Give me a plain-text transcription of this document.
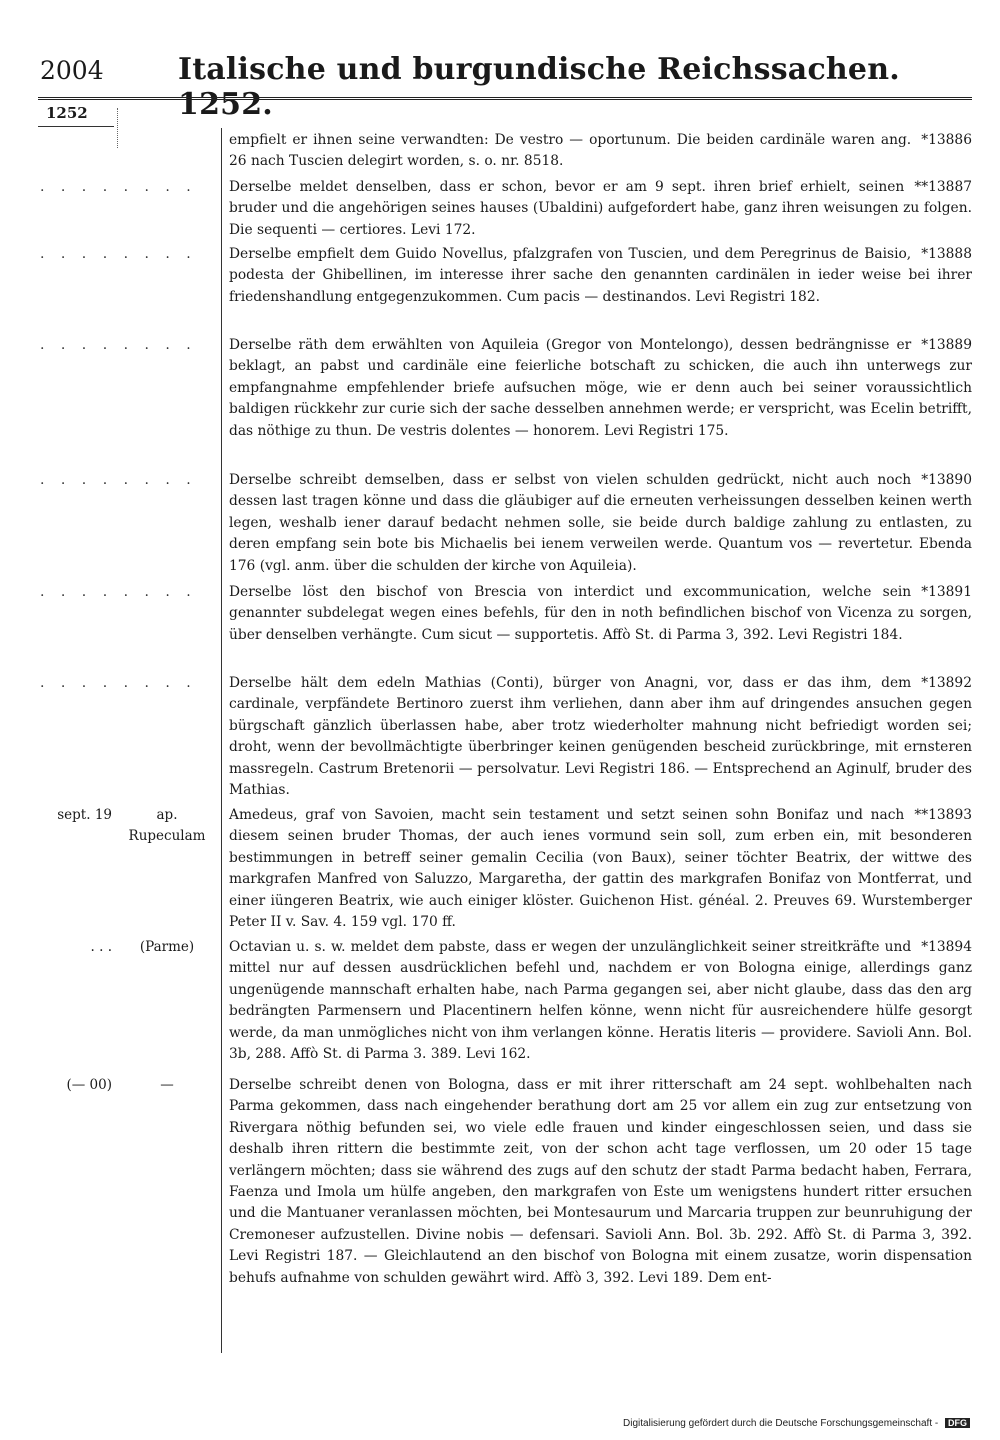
2004 Italische und burgundische Reichssachen. 1252.
1252
*13886
empfielt er ihnen seine verwandten: De vestro — oportunum. Die beiden cardinäle waren ang. 26 nach Tuscien delegirt worden, s. o. nr. 8518.
. . . . . . . .	**13887
Derselbe meldet denselben, dass er schon, bevor er am 9 sept. ihren brief erhielt, seinen bruder und die angehörigen seines hauses (Ubaldini) aufgefordert habe, ganz ihren weisungen zu folgen. Die sequenti — certiores. Levi 172.
. . . . . . . .	*13888
Derselbe empfielt dem Guido Novellus, pfalzgrafen von Tuscien, und dem Peregrinus de Baisio, podesta der Ghibellinen, im interesse ihrer sache den genannten cardinälen in ieder weise bei ihrer friedenshandlung entgegenzukommen. Cum pacis — destinandos. Levi Registri 182.
. . . . . . . .	*13889
Derselbe räth dem erwählten von Aquileia (Gregor von Montelongo), dessen bedrängnisse er beklagt, an pabst und cardinäle eine feierliche botschaft zu schicken, die auch ihn unterwegs zur empfangnahme empfehlender briefe aufsuchen möge, wie er denn auch bei seiner voraussichtlich baldigen rückkehr zur curie sich der sache desselben annehmen werde; er verspricht, was Ecelin betrifft, das nöthige zu thun. De vestris dolentes — honorem. Levi Registri 175.
. . . . . . . .	*13890
Derselbe schreibt demselben, dass er selbst von vielen schulden gedrückt, nicht auch noch dessen last tragen könne und dass die gläubiger auf die erneuten verheissungen desselben keinen werth legen, weshalb iener darauf bedacht nehmen solle, sie beide durch baldige zahlung zu entlasten, zu deren empfang sein bote bis Michaelis bei ienem verweilen werde. Quantum vos — revertetur. Ebenda 176 (vgl. anm. über die schulden der kirche von Aquileia).
. . . . . . . .	*13891
Derselbe löst den bischof von Brescia von interdict und excommunication, welche sein genannter subdelegat wegen eines befehls, für den in noth befindlichen bischof von Vicenza zu sorgen, über denselben verhängte. Cum sicut — supportetis. Affò St. di Parma 3, 392. Levi Registri 184.
. . . . . . . .	*13892
Derselbe hält dem edeln Mathias (Conti), bürger von Anagni, vor, dass er das ihm, dem cardinale, verpfändete Bertinoro zuerst ihm verliehen, dann aber ihm auf dringendes ansuchen gegen bürgschaft gänzlich überlassen habe, aber trotz wiederholter mahnung nicht befriedigt worden sei; droht, wenn der bevollmächtigte überbringer keinen genügenden bescheid zurückbringe, mit ernsteren massregeln. Castrum Bretenorii — persolvatur. Levi Registri 186. — Entsprechend an Aginulf, bruder des Mathias.
sept. 19	ap. Rupeculam
**13893
Amedeus, graf von Savoien, macht sein testament und setzt seinen sohn Bonifaz und nach diesem seinen bruder Thomas, der auch ienes vormund sein soll, zum erben ein, mit besonderen bestimmungen in betreff seiner gemalin Cecilia (von Baux), seiner töchter Beatrix, der wittwe des markgrafen Manfred von Saluzzo, Margaretha, der gattin des markgrafen Bonifaz von Montferrat, und einer iüngeren Beatrix, wie auch einiger klöster. Guichenon Hist. généal. 2. Preuves 69. Wurstemberger Peter II v. Sav. 4. 159 vgl. 170 ff.
. . .	(Parme)	*13894
Octavian u. s. w. meldet dem pabste, dass er wegen der unzulänglichkeit seiner streitkräfte und mittel nur auf dessen ausdrücklichen befehl und, nachdem er von Bologna einige, allerdings ganz ungenügende mannschaft erhalten habe, nach Parma gegangen sei, aber nicht glaube, dass das den arg bedrängten Parmensern und Placentinern helfen könne, wenn nicht für ausreichendere hülfe gesorgt werde, da man unmögliches nicht von ihm verlangen könne. Heratis literis — providere. Savioli Ann. Bol. 3b, 288. Affò St. di Parma 3. 389. Levi 162.
(— 00)	—	Derselbe schreibt denen von Bologna, dass er mit ihrer ritterschaft am 24 sept. wohlbehalten nach Parma gekommen, dass nach eingehender berathung dort am 25 vor allem ein zug zur entsetzung von Rivergara nöthig befunden sei, wo viele edle frauen und kinder eingeschlossen seien, und dass sie deshalb ihren rittern die bestimmte zeit, von der schon acht tage verflossen, um 20 oder 15 tage verlängern möchten; dass sie während des zugs auf den schutz der stadt Parma bedacht haben, Ferrara, Faenza und Imola um hülfe angeben, den markgrafen von Este um wenigstens hundert ritter ersuchen und die Mantuaner veranlassen möchten, bei Montesaurum und Marcaria truppen zur beunruhigung der Cremoneser aufzustellen. Divine nobis — defensari. Savioli Ann. Bol. 3b. 292. Affò St. di Parma 3, 392. Levi Registri 187. — Gleichlautend an den bischof von Bologna mit einem zusatze, worin dispensation behufs aufnahme von schulden gewährt wird. Affò 3, 392. Levi 189. Dem ent-
Digitalisierung gefördert durch die Deutsche Forschungsgemeinschaft - DFG
